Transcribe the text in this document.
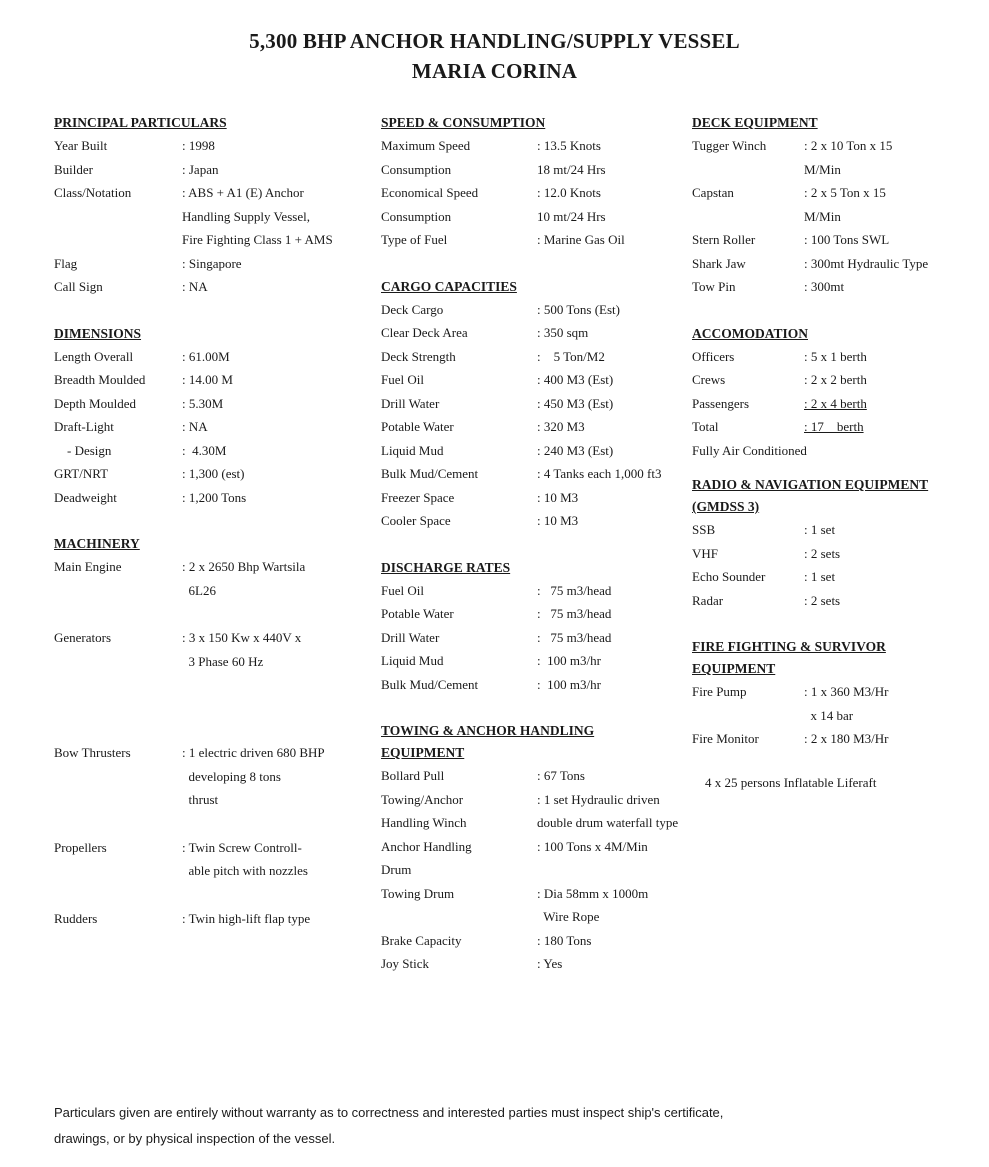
5,300 BHP ANCHOR HANDLING/SUPPLY VESSEL
MARIA CORINA
PRINCIPAL PARTICULARS
Year Built	: 1998
Builder	: Japan
Class/Notation	: ABS + A1 (E) Anchor
Handling Supply Vessel,
Fire Fighting Class 1 + AMS
Flag	: Singapore
Call Sign	: NA
DIMENSIONS
Length Overall	: 61.00M
Breadth Moulded	: 14.00 M
Depth Moulded	: 5.30M
Draft-Light	: NA
- Design	:  4.30M
GRT/NRT	: 1,300 (est)
Deadweight	: 1,200 Tons
MACHINERY
Main Engine	: 2 x 2650 Bhp Wartsila
6L26
Generators	: 3 x 150 Kw x 440V x
3 Phase 60 Hz
Bow Thrusters	: 1 electric driven 680 BHP
developing 8 tons
thrust
Propellers	: Twin Screw Controll-
able pitch with nozzles
Rudders	: Twin high-lift flap type
SPEED & CONSUMPTION
Maximum Speed	: 13.5 Knots
Consumption	18 mt/24 Hrs
Economical Speed	: 12.0 Knots
Consumption	10 mt/24 Hrs
Type of Fuel	: Marine Gas Oil
CARGO CAPACITIES
Deck Cargo	: 500 Tons (Est)
Clear Deck Area	: 350 sqm
Deck Strength	:    5 Ton/M2
Fuel Oil	: 400 M3 (Est)
Drill Water	: 450 M3 (Est)
Potable Water	: 320 M3
Liquid Mud	: 240 M3 (Est)
Bulk Mud/Cement	: 4 Tanks each 1,000 ft3
Freezer Space	: 10 M3
Cooler Space	: 10 M3
DISCHARGE RATES
Fuel Oil	:   75 m3/head
Potable Water	:   75 m3/head
Drill Water	:   75 m3/head
Liquid Mud	:  100 m3/hr
Bulk Mud/Cement	:  100 m3/hr
TOWING & ANCHOR HANDLING
EQUIPMENT
Bollard Pull	: 67 Tons
Towing/Anchor	: 1 set Hydraulic driven
Handling Winch	double drum waterfall type
Anchor Handling	: 100 Tons x 4M/Min
Drum
Towing Drum	: Dia 58mm x 1000m
Wire Rope
Brake Capacity	: 180 Tons
Joy Stick	: Yes
DECK EQUIPMENT
Tugger Winch	: 2 x 10 Ton x 15
M/Min
Capstan	: 2 x 5 Ton x 15
M/Min
Stern Roller	: 100 Tons SWL
Shark Jaw	: 300mt Hydraulic Type
Tow Pin	: 300mt
ACCOMODATION
Officers	: 5 x 1 berth
Crews	: 2 x 2 berth
Passengers	: 2 x 4 berth
Total	: 17    berth
Fully Air Conditioned
RADIO & NAVIGATION EQUIPMENT
(GMDSS 3)
SSB	: 1 set
VHF	: 2 sets
Echo Sounder	: 1 set
Radar	: 2 sets
FIRE FIGHTING & SURVIVOR
EQUIPMENT
Fire Pump	: 1 x 360 M3/Hr
x 14 bar
Fire Monitor	: 2 x 180 M3/Hr
4 x 25 persons Inflatable Liferaft
Particulars given are entirely without warranty as to correctness and interested parties must inspect ship's certificate,
drawings, or by physical inspection of the vessel.
